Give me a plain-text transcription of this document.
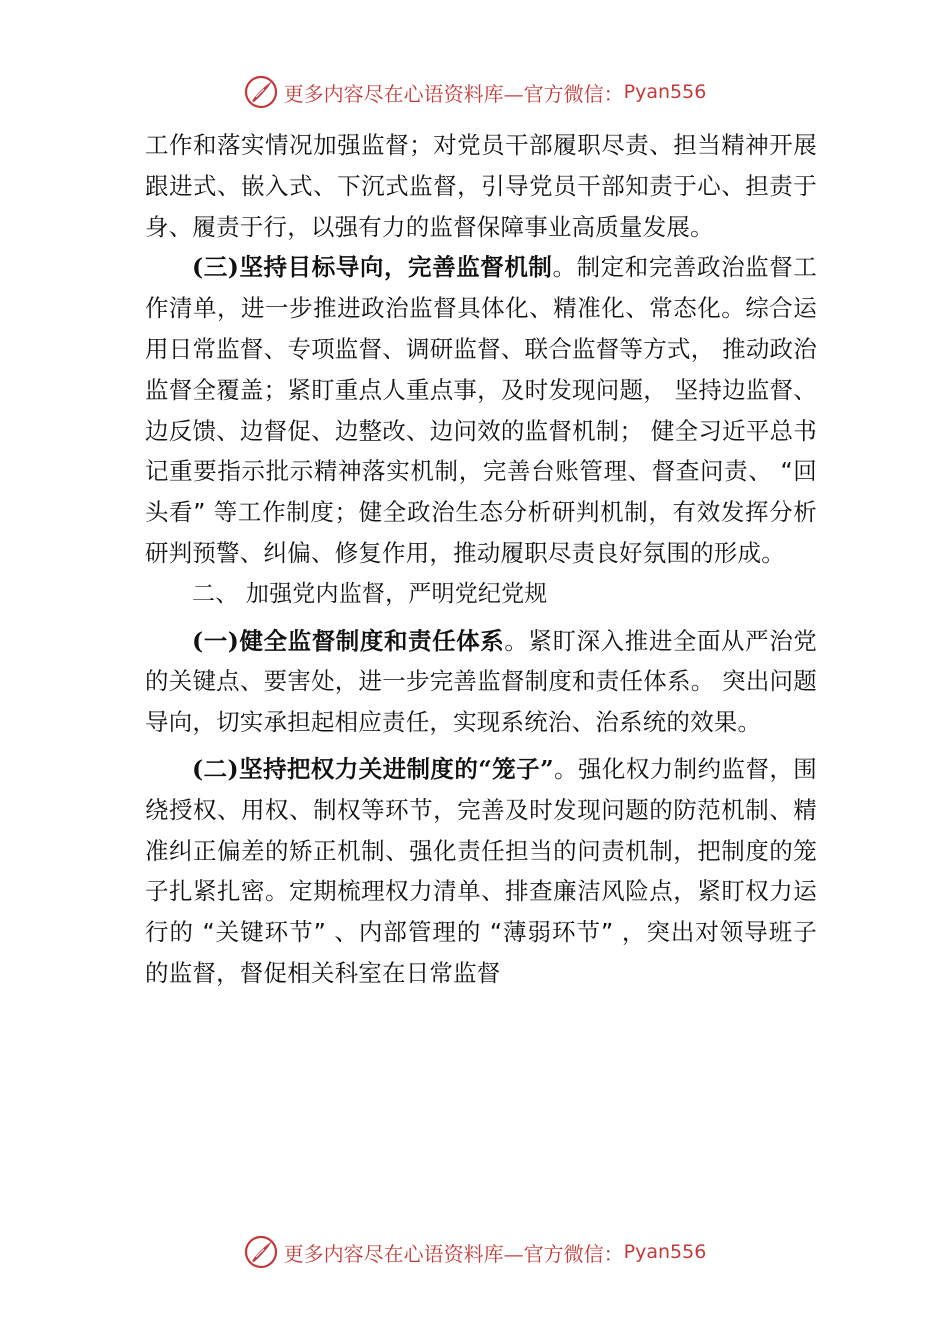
更多内容尽在心语资料库—官方微信： Pyan556

工作和落实情况加强监督；对党员干部履职尽责、担当精神开展跟进式、嵌入式、下沉式监督，引导党员干部知责于心、担责于身、履责于行，以强有力的监督保障事业高质量发展。

(三)坚持目标导向，完善监督机制。制定和完善政治监督工作清单，进一步推进政治监督具体化、精准化、常态化。综合运用日常监督、专项监督、调研监督、联合监督等方式， 推动政治监督全覆盖；紧盯重点人重点事，及时发现问题， 坚持边监督、边反馈、边督促、边整改、边问效的监督机制； 健全习近平总书记重要指示批示精神落实机制，完善台账管理、督查问责、 “回头看” 等工作制度；健全政治生态分析研判机制，有效发挥分析研判预警、纠偏、修复作用，推动履职尽责良好氛围的形成。

二、 加强党内监督，严明党纪党规

(一)健全监督制度和责任体系。紧盯深入推进全面从严治党的关键点、要害处，进一步完善监督制度和责任体系。 突出问题导向，切实承担起相应责任，实现系统治、治系统的效果。

(二)坚持把权力关进制度的“笼子”。强化权力制约监督，围绕授权、用权、制权等环节，完善及时发现问题的防范机制、精准纠正偏差的矫正机制、强化责任担当的问责机制，把制度的笼子扎紧扎密。定期梳理权力清单、排查廉洁风险点，紧盯权力运行的 “关键环节” 、内部管理的 “薄弱环节” ，突出对领导班子的监督，督促相关科室在日常监督

更多内容尽在心语资料库—官方微信： Pyan556
